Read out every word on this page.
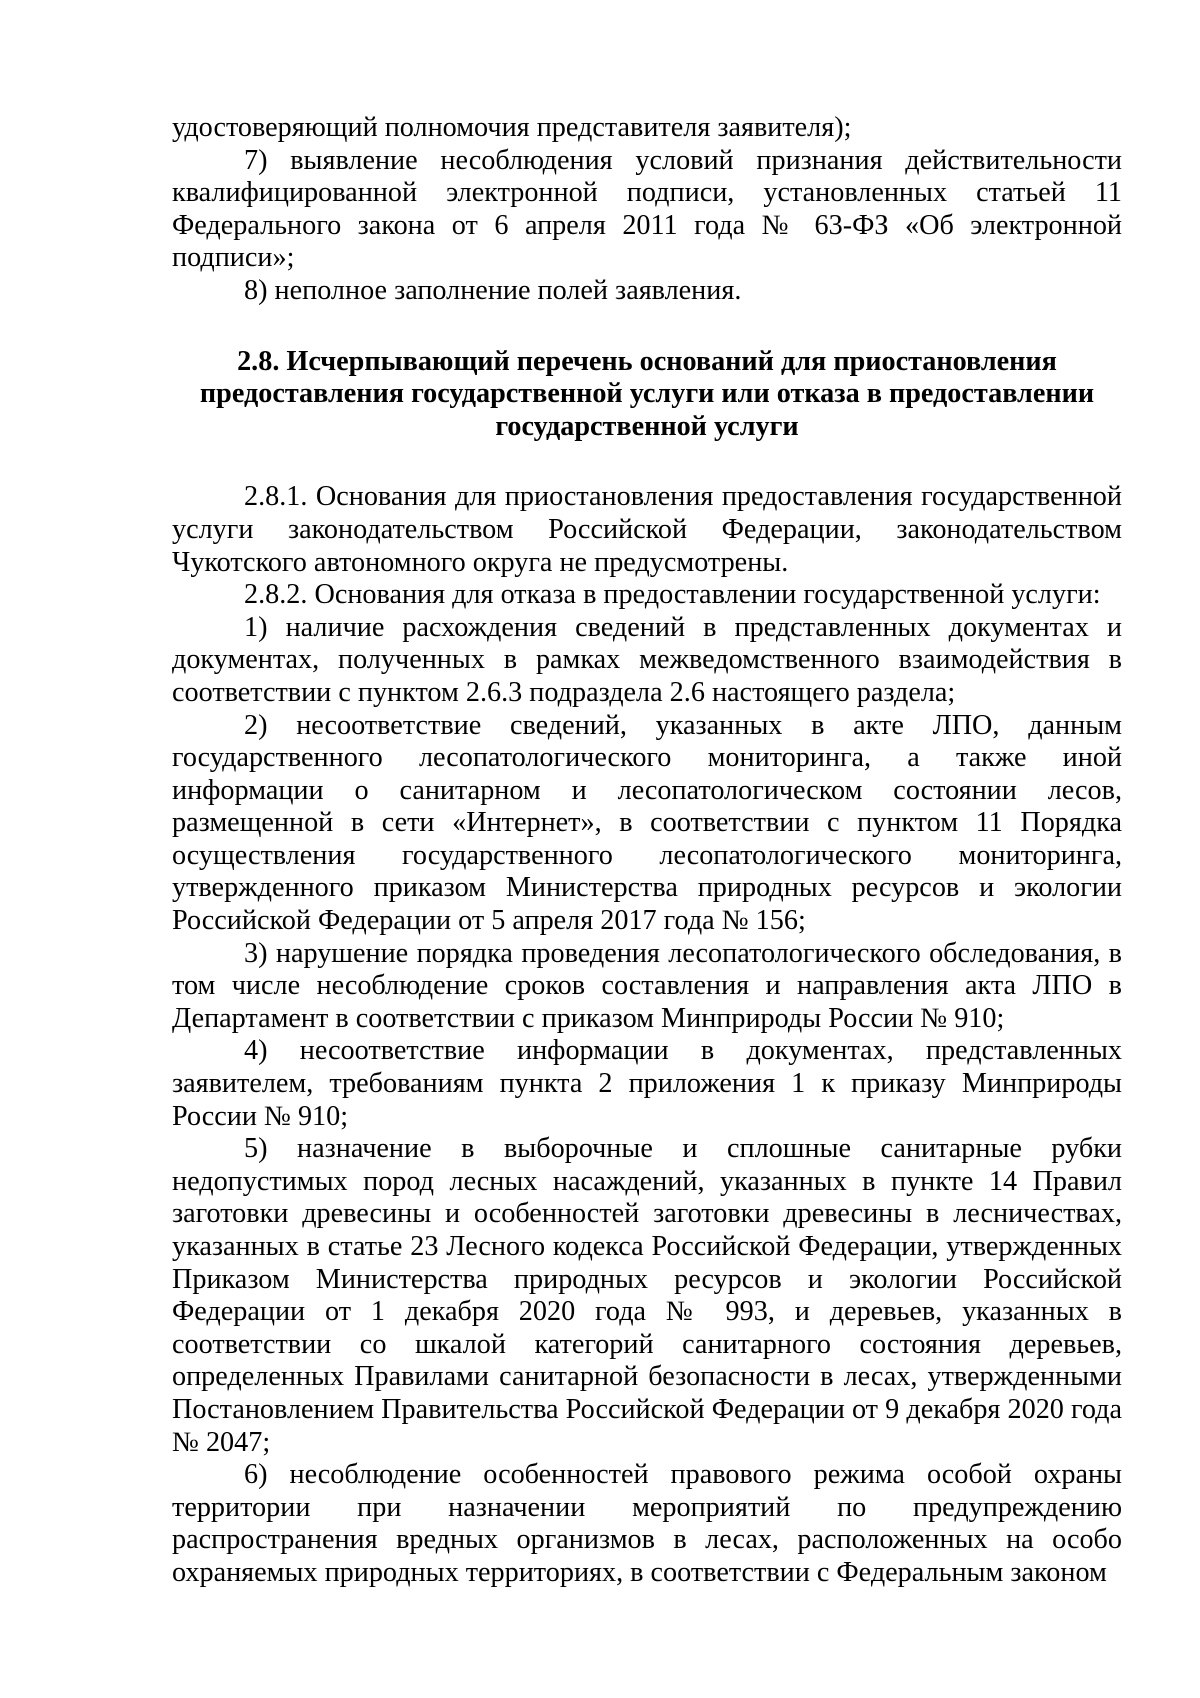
удостоверяющий полномочия представителя заявителя);

7) выявление несоблюдения условий признания действительности квалифицированной электронной подписи, установленных статьей 11 Федерального закона от 6 апреля 2011 года № 63-ФЗ «Об электронной подписи»;

8) неполное заполнение полей заявления.

2.8. Исчерпывающий перечень оснований для приостановления
предоставления государственной услуги или отказа в предоставлении
государственной услуги

2.8.1. Основания для приостановления предоставления государственной услуги законодательством Российской Федерации, законодательством Чукотского автономного округа не предусмотрены.

2.8.2. Основания для отказа в предоставлении государственной услуги:

1) наличие расхождения сведений в представленных документах и документах, полученных в рамках межведомственного взаимодействия в соответствии с пунктом 2.6.3 подраздела 2.6 настоящего раздела;

2) несоответствие сведений, указанных в акте ЛПО, данным государственного лесопатологического мониторинга, а также иной информации о санитарном и лесопатологическом состоянии лесов, размещенной в сети «Интернет», в соответствии с пунктом 11 Порядка осуществления государственного лесопатологического мониторинга, утвержденного приказом Министерства природных ресурсов и экологии Российской Федерации от 5 апреля 2017 года № 156;

3) нарушение порядка проведения лесопатологического обследования, в том числе несоблюдение сроков составления и направления акта ЛПО в Департамент в соответствии с приказом Минприроды России № 910;

4) несоответствие информации в документах, представленных заявителем, требованиям пункта 2 приложения 1 к приказу Минприроды России № 910;

5) назначение в выборочные и сплошные санитарные рубки недопустимых пород лесных насаждений, указанных в пункте 14 Правил заготовки древесины и особенностей заготовки древесины в лесничествах, указанных в статье 23 Лесного кодекса Российской Федерации, утвержденных Приказом Министерства природных ресурсов и экологии Российской Федерации от 1 декабря 2020 года № 993, и деревьев, указанных в соответствии со шкалой категорий санитарного состояния деревьев, определенных Правилами санитарной безопасности в лесах, утвержденными Постановлением Правительства Российской Федерации от 9 декабря 2020 года № 2047;

6) несоблюдение особенностей правового режима особой охраны территории при назначении мероприятий по предупреждению распространения вредных организмов в лесах, расположенных на особо охраняемых природных территориях, в соответствии с Федеральным законом
